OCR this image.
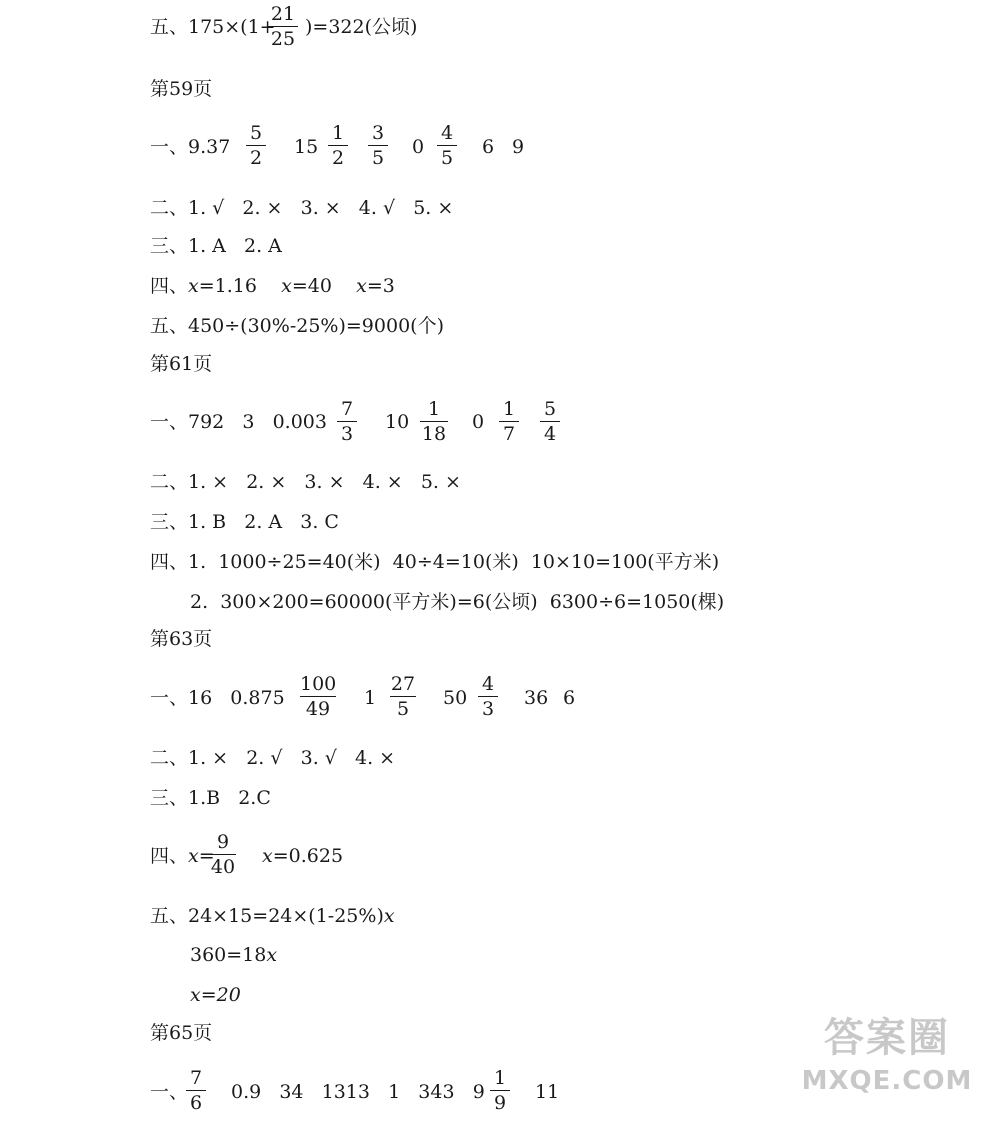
五、175×(1+
21
25
)=322(公顷)
第59页
一、9.37
5
2 15
1
2
3
5 0
4
5 6 9
二、1. √   2. ×   3. ×   4. √   5. ×
三、1. A   2. A
四、x=1.16 x=40 x=3
五、450÷(30%-25%)=9000(个)
第61页
一、792   3   0.003
7
3
10
1
18
0
1
7
5
4
二、1. ×   2. ×   3. ×   4. ×   5. ×
三、1. B   2. A   3. C
四、1.  1000÷25=40(米)  40÷4=10(米)  10×10=100(平方米)
2.  300×200=60000(平方米)=6(公顷)  6300÷6=1050(棵)
第63页
一、16   0.875
100
49	1
27
5	50
4
3 36 6
二、1. ×   2. √   3. √   4. ×
三、1.B   2.C
四、x=
9
40 x=0.625
五、24×15=24×(1-25%)x
360=18x
x=20
第65页
一、
7
6 0.9   34   1313   1   343   9
1
9 11
答案圈
MXQE.COM
